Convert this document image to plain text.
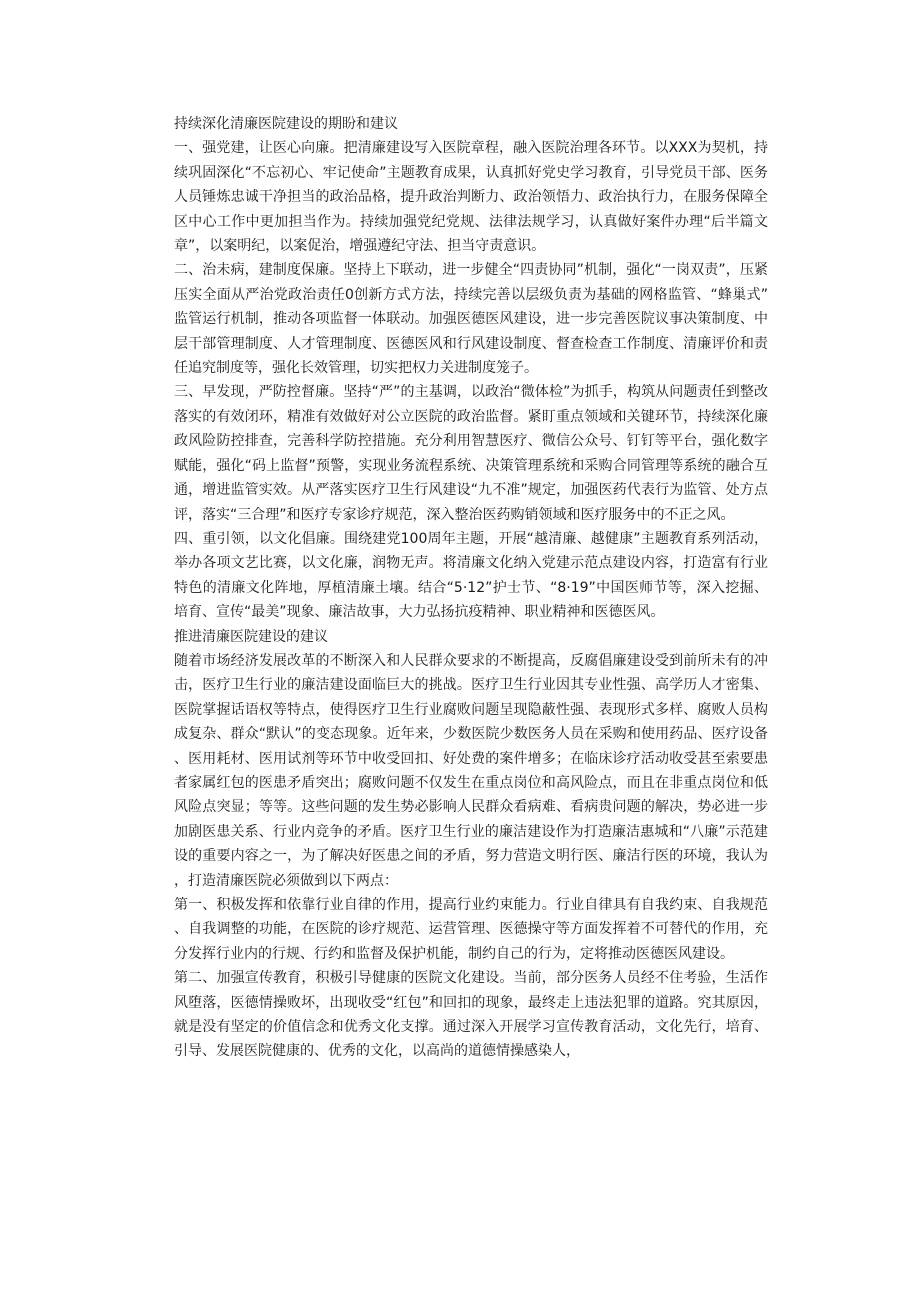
持续深化清廉医院建设的期盼和建议

一、强党建，让医心向廉。把清廉建设写入医院章程，融入医院治理各环节。以XXX为契机，持续巩固深化“不忘初心、牢记使命”主题教育成果，认真抓好党史学习教育，引导党员干部、医务人员锤炼忠诚干净担当的政治品格，提升政治判断力、政治领悟力、政治执行力，在服务保障全区中心工作中更加担当作为。持续加强党纪党规、法律法规学习，认真做好案件办理“后半篇文章”，以案明纪，以案促治，增强遵纪守法、担当守责意识。

二、治未病，建制度保廉。坚持上下联动，进一步健全“四责协同”机制，强化“一岗双责”，压紧压实全面从严治党政治责任0创新方式方法，持续完善以层级负责为基础的网格监管、“蜂巢式”监管运行机制，推动各项监督一体联动。加强医德医风建设，进一步完善医院议事决策制度、中层干部管理制度、人才管理制度、医德医风和行风建设制度、督查检查工作制度、清廉评价和责任追究制度等，强化长效管理，切实把权力关进制度笼子。

三、早发现，严防控督廉。坚持“严”的主基调，以政治“微体检”为抓手，构筑从问题责任到整改落实的有效闭环，精准有效做好对公立医院的政治监督。紧盯重点领域和关键环节，持续深化廉政风险防控排查，完善科学防控措施。充分利用智慧医疗、微信公众号、钉钉等平台，强化数字赋能，强化“码上监督”预警，实现业务流程系统、决策管理系统和采购合同管理等系统的融合互通，增进监管实效。从严落实医疗卫生行风建设“九不准”规定，加强医药代表行为监管、处方点评，落实“三合理”和医疗专家诊疗规范，深入整治医药购销领域和医疗服务中的不正之风。

四、重引领，以文化倡廉。围绕建党100周年主题，开展“越清廉、越健康”主题教育系列活动，举办各项文艺比赛，以文化廉，润物无声。将清廉文化纳入党建示范点建设内容，打造富有行业特色的清廉文化阵地，厚植清廉土壤。结合“5·12”护士节、“8·19”中国医师节等，深入挖掘、培育、宣传“最美”现象、廉洁故事，大力弘扬抗疫精神、职业精神和医德医风。

推进清廉医院建设的建议

随着市场经济发展改革的不断深入和人民群众要求的不断提高，反腐倡廉建设受到前所未有的冲击，医疗卫生行业的廉洁建设面临巨大的挑战。医疗卫生行业因其专业性强、高学历人才密集、医院掌握话语权等特点，使得医疗卫生行业腐败问题呈现隐蔽性强、表现形式多样、腐败人员构成复杂、群众“默认”的变态现象。近年来，少数医院少数医务人员在采购和使用药品、医疗设备、医用耗材、医用试剂等环节中收受回扣、好处费的案件增多；在临床诊疗活动收受甚至索要患者家属红包的医患矛盾突出；腐败问题不仅发生在重点岗位和高风险点，而且在非重点岗位和低风险点突显；等等。这些问题的发生势必影响人民群众看病难、看病贵问题的解决，势必进一步加剧医患关系、行业内竞争的矛盾。医疗卫生行业的廉洁建设作为打造廉洁惠城和“八廉”示范建设的重要内容之一，为了解决好医患之间的矛盾，努力营造文明行医、廉洁行医的环境，我认为，打造清廉医院必须做到以下两点：

第一、积极发挥和依靠行业自律的作用，提高行业约束能力。行业自律具有自我约束、自我规范、自我调整的功能，在医院的诊疗规范、运营管理、医德操守等方面发挥着不可替代的作用，充分发挥行业内的行规、行约和监督及保护机能，制约自己的行为，定将推动医德医风建设。

第二、加强宣传教育，积极引导健康的医院文化建设。当前，部分医务人员经不住考验，生活作风堕落，医德情操败坏，出现收受“红包”和回扣的现象，最终走上违法犯罪的道路。究其原因，就是没有坚定的价值信念和优秀文化支撑。通过深入开展学习宣传教育活动，文化先行，培育、引导、发展医院健康的、优秀的文化，以高尚的道德情操感染人，
